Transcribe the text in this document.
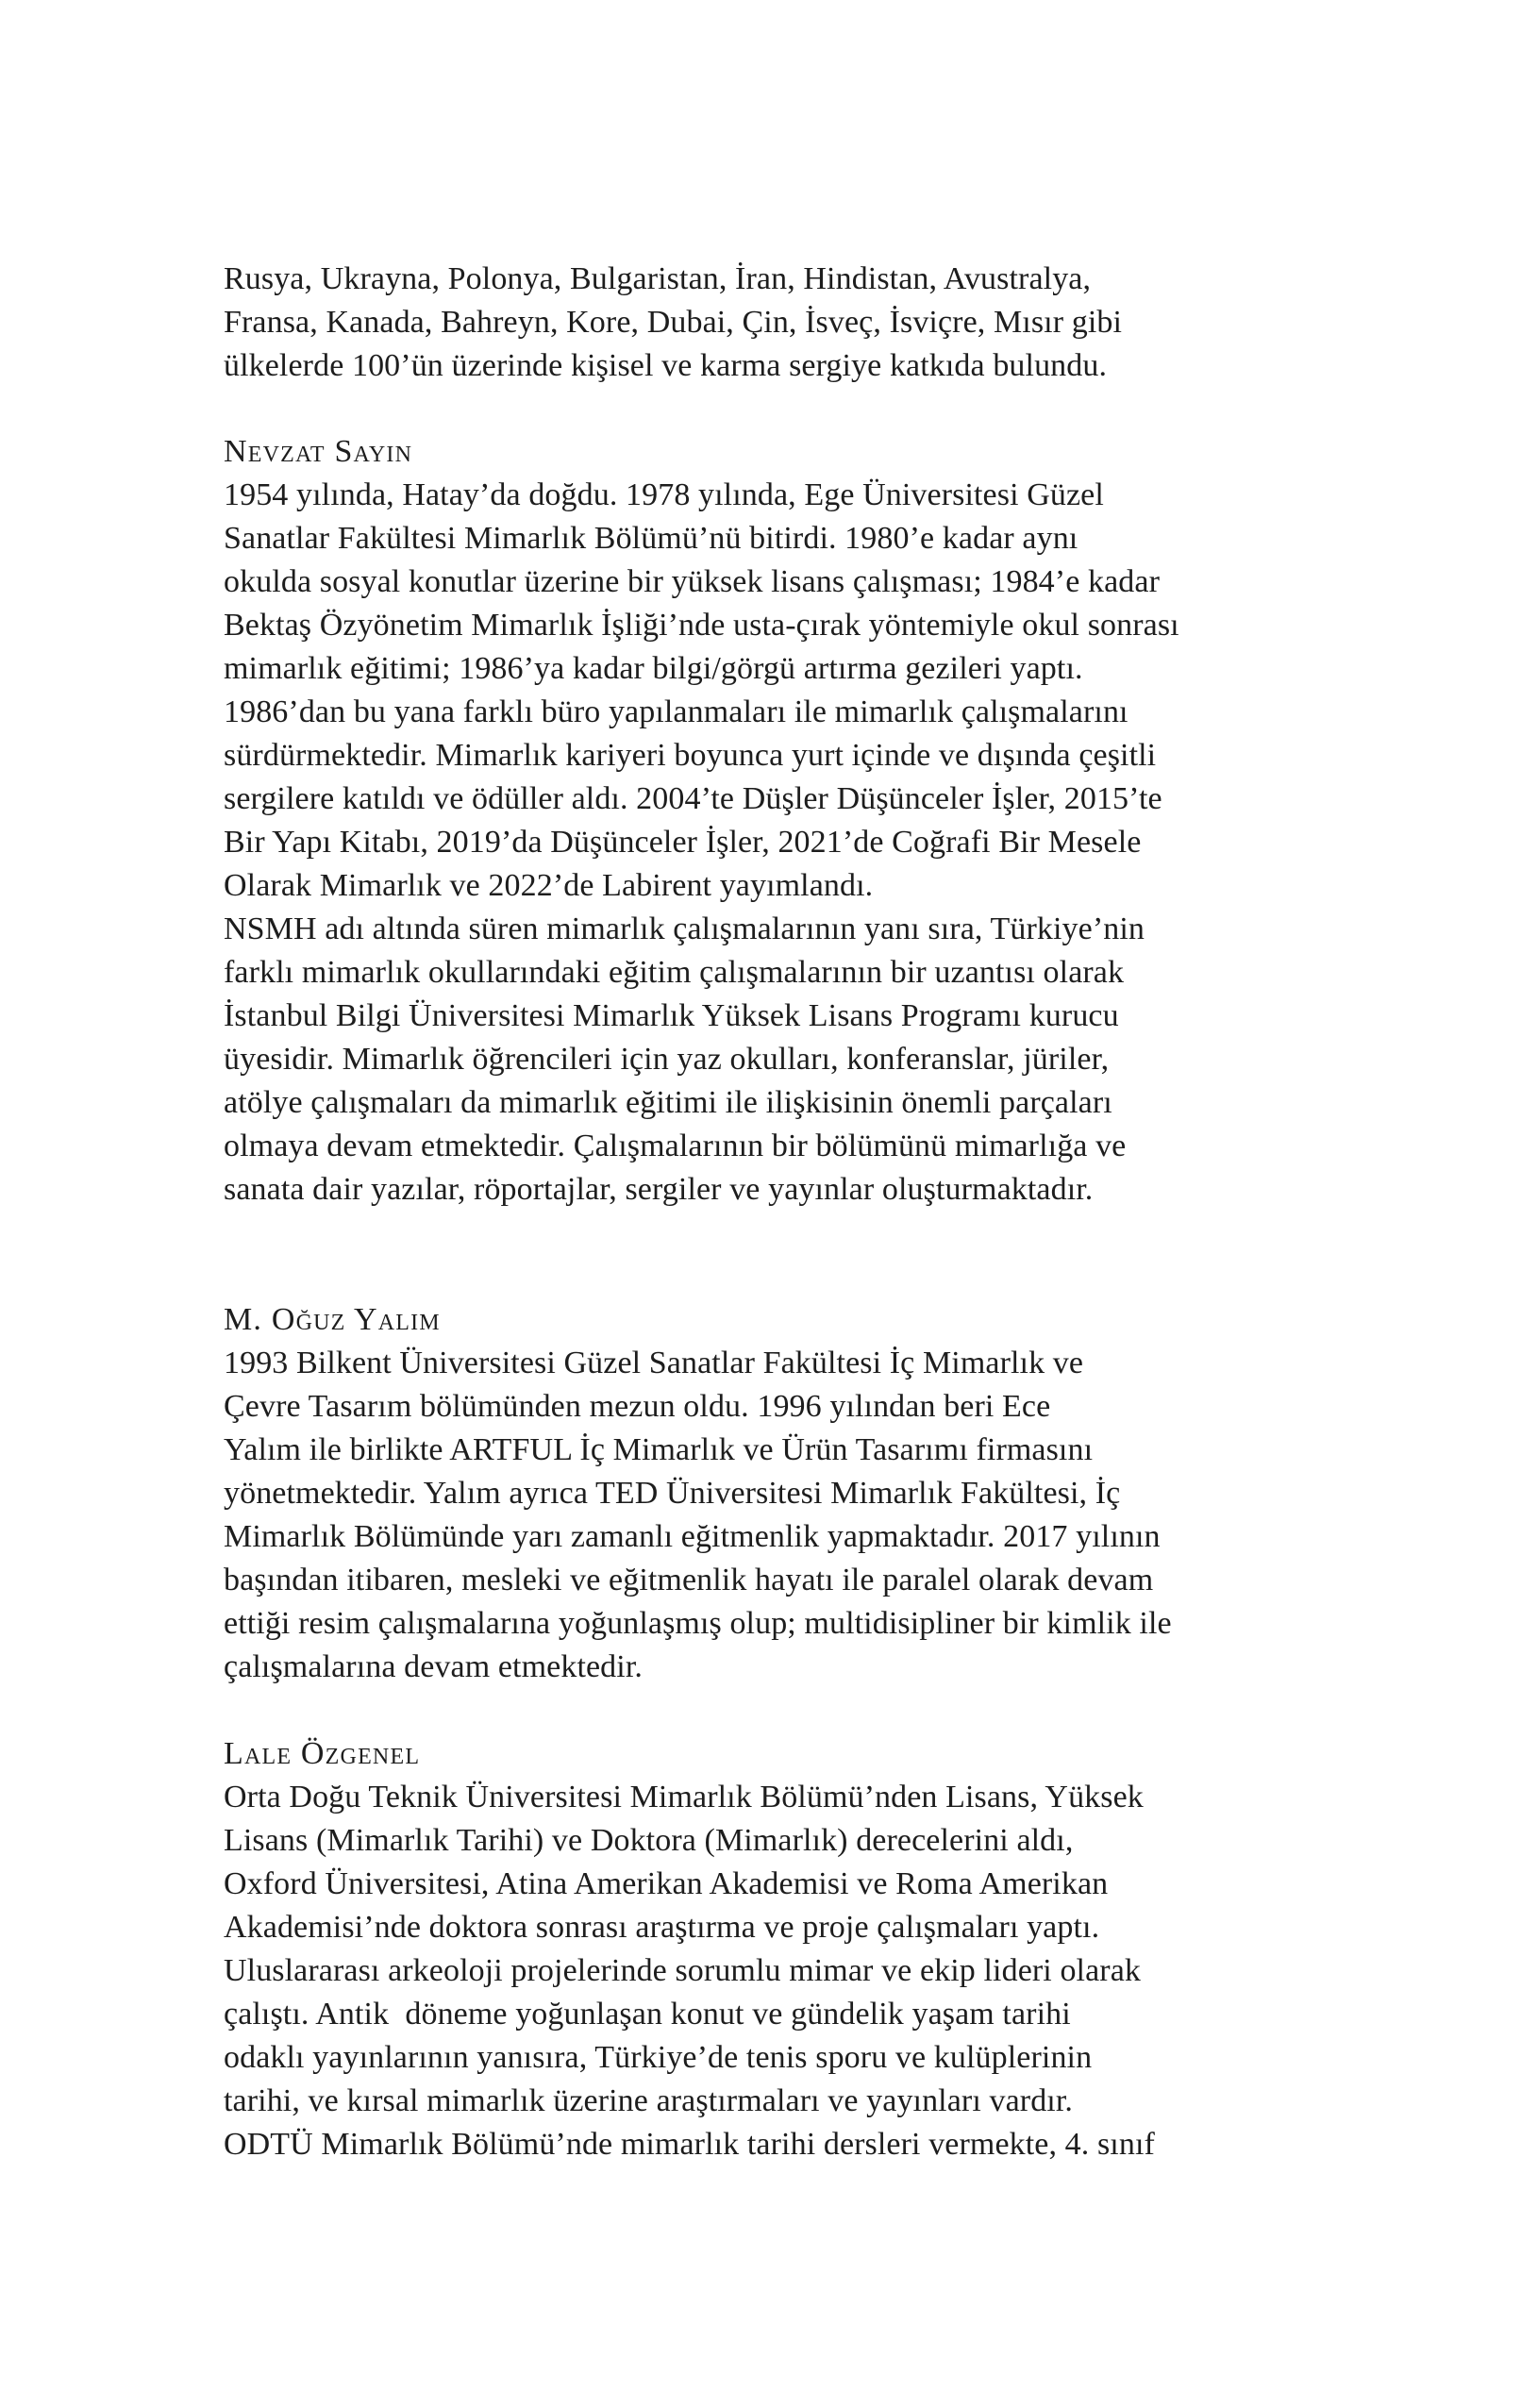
Rusya, Ukrayna, Polonya, Bulgaristan, İran, Hindistan, Avustralya,
Fransa, Kanada, Bahreyn, Kore, Dubai, Çin, İsveç, İsviçre, Mısır gibi
ülkelerde 100’ün üzerinde kişisel ve karma sergiye katkıda bulundu.
Nevzat Sayın
1954 yılında, Hatay’da doğdu. 1978 yılında, Ege Üniversitesi Güzel
Sanatlar Fakültesi Mimarlık Bölümü’nü bitirdi. 1980’e kadar aynı
okulda sosyal konutlar üzerine bir yüksek lisans çalışması; 1984’e kadar
Bektaş Özyönetim Mimarlık İşliği’nde usta-çırak yöntemiyle okul sonrası
mimarlık eğitimi; 1986’ya kadar bilgi/görgü artırma gezileri yaptı.
1986’dan bu yana farklı büro yapılanmaları ile mimarlık çalışmalarını
sürdürmektedir. Mimarlık kariyeri boyunca yurt içinde ve dışında çeşitli
sergilere katıldı ve ödüller aldı. 2004’te Düşler Düşünceler İşler, 2015’te
Bir Yapı Kitabı, 2019’da Düşünceler İşler, 2021’de Coğrafi Bir Mesele
Olarak Mimarlık ve 2022’de Labirent yayımlandı.
NSMH adı altında süren mimarlık çalışmalarının yanı sıra, Türkiye’nin
farklı mimarlık okullarındaki eğitim çalışmalarının bir uzantısı olarak
İstanbul Bilgi Üniversitesi Mimarlık Yüksek Lisans Programı kurucu
üyesidir. Mimarlık öğrencileri için yaz okulları, konferanslar, jüriler,
atölye çalışmaları da mimarlık eğitimi ile ilişkisinin önemli parçaları
olmaya devam etmektedir. Çalışmalarının bir bölümünü mimarlığa ve
sanata dair yazılar, röportajlar, sergiler ve yayınlar oluşturmaktadır.
M. Oğuz Yalım
1993 Bilkent Üniversitesi Güzel Sanatlar Fakültesi İç Mimarlık ve
Çevre Tasarım bölümünden mezun oldu. 1996 yılından beri Ece
Yalım ile birlikte ARTFUL İç Mimarlık ve Ürün Tasarımı firmasını
yönetmektedir. Yalım ayrıca TED Üniversitesi Mimarlık Fakültesi, İç
Mimarlık Bölümünde yarı zamanlı eğitmenlik yapmaktadır. 2017 yılının
başından itibaren, mesleki ve eğitmenlik hayatı ile paralel olarak devam
ettiği resim çalışmalarına yoğunlaşmış olup; multidisipliner bir kimlik ile
çalışmalarına devam etmektedir.
Lale Özgenel
Orta Doğu Teknik Üniversitesi Mimarlık Bölümü’nden Lisans, Yüksek
Lisans (Mimarlık Tarihi) ve Doktora (Mimarlık) derecelerini aldı,
Oxford Üniversitesi, Atina Amerikan Akademisi ve Roma Amerikan
Akademisi’nde doktora sonrası araştırma ve proje çalışmaları yaptı.
Uluslararası arkeoloji projelerinde sorumlu mimar ve ekip lideri olarak
çalıştı. Antik  döneme yoğunlaşan konut ve gündelik yaşam tarihi
odaklı yayınlarının yanısıra, Türkiye’de tenis sporu ve kulüplerinin
tarihi, ve kırsal mimarlık üzerine araştırmaları ve yayınları vardır.
ODTÜ Mimarlık Bölümü’nde mimarlık tarihi dersleri vermekte, 4. sınıf
